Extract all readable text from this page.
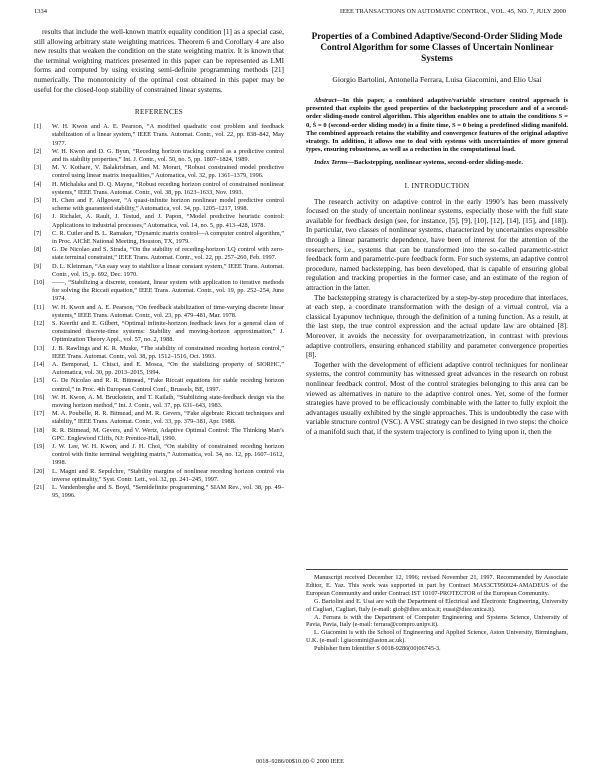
1334	IEEE TRANSACTIONS ON AUTOMATIC CONTROL, VOL. 45, NO. 7, JULY 2000

results that include the well-known matrix equality condition [1] as a special case, still allowing arbitrary state weighting matrices. Theorem 6 and Corollary 4 are also new results that weaken the condition on the state weighting matrix. It is known that the terminal weighting matrices presented in this paper can be represented as LMI forms and computed by using existing semi-definite programming methods [21] numerically. The monotonicity of the optimal cost obtained in this paper may be useful for the closed-loop stability of constrained linear systems.

REFERENCES
[1]	W. H. Kwon and A. E. Pearson, “A modified quadratic cost problem and feedback stabilization of a linear system,” IEEE Trans. Automat. Contr., vol. 22, pp. 838–842, May 1977.
[2]	W. H. Kwon and D. G. Byun, “Receding horizon tracking control as a predictive control and its stability properties,” Int. J. Contr., vol. 50, no. 5, pp. 1807–1824, 1989.
[3]	M. V. Kothare, V. Balakrishnan, and M. Morari, “Robust constrained model predictive control using linear matrix inequalities,” Automatica, vol. 32, pp. 1361–1379, 1996.
[4]	H. Michalska and D. Q. Mayne, “Robust receding horizon control of constrained nonlinear systems,” IEEE Trans. Automat. Contr., vol. 38, pp. 1623–1633, Nov. 1993.
[5]	H. Chen and F. Allgower, “A quasi-infinite horizon nonlinear model predictive control scheme with guaranteed stability,” Automatica, vol. 34, pp. 1205–1217, 1998.
[6]	J. Richalet, A. Rault, J. Testud, and J. Papon, “Model predictive heuristic control: Applications to industrial processes,” Automatica, vol. 14, no. 5, pp. 413–428, 1978.
[7]	C. R. Cutler and B. L. Ramaker, “Dynamic matrix control—A computer control algorithm,” in Proc. AIChE National Meeting, Houston, TX, 1979.
[8]	G. De Nicolao and S. Strada, “On the stability of receding-horizon LQ control with zero-state terminal constraint,” IEEE Trans. Automat. Contr., vol. 22, pp. 257–260, Feb. 1997.
[9]	D. L. Kleinman, “An easy way to stabilize a linear constant system,” IEEE Trans. Automat. Contr., vol. 15, p. 692, Dec. 1970.
[10]	——, “Stabilizing a discrete, constant, linear system with application to iterative methods for solving the Riccati equation,” IEEE Trans. Automat. Contr., vol. 19, pp. 252–254, June 1974.
[11]	W. H. Kwon and A. E. Pearson, “On feedback stabilization of time-varying discrete linear systems,” IEEE Trans. Automat. Contr., vol. 23, pp. 479–481, Mar. 1978.
[12]	S. Keerthi and E. Gilbert, “Optimal infinite-horizon feedback laws for a general class of constrained discrete-time systems: Stability and moving-horizon approximation,” J. Optimization Theory Appl., vol. 57, no. 2, 1988.
[13]	J. B. Rawlings and K. R. Muske, “The stability of constrained receding horizon control,” IEEE Trans. Automat. Contr., vol. 38, pp. 1512–1516, Oct. 1993.
[14]	A. Bemporad, L. Chisci, and E. Mosca, “On the stabilizing property of SIORHC,” Automatica, vol. 30, pp. 2013–2015, 1994.
[15]	G. De Nicolao and R. R. Bitmead, “Fake Riccati equations for stable receding horizon control,” in Proc. 4th European Control Conf., Brussels, BE, 1997.
[16]	W. H. Kwon, A. M. Bruckstein, and T. Kailath, “Stabilizing state-feedback design via the moving horizon method,” Int. J. Contr., vol. 37, pp. 631–643, 1983.
[17]	M. A. Poubelle, R. R. Bitmead, and M. R. Gevers, “Fake algebraic Riccati techniques and stability,” IEEE Trans. Automat. Contr., vol. 33, pp. 379–381, Apr. 1988.
[18]	R. R. Bitmead, M. Gevers, and V. Wertz, Adaptive Optimal Control: The Thinking Man’s GPC. Englewood Cliffs, NJ: Prentice-Hall, 1990.
[19]	J. W. Lee, W. H. Kwon, and J. H. Choi, “On stability of constrained receding horizon control with finite terminal weighting matrix,” Automatica, vol. 34, no. 12, pp. 1607–1612, 1998.
[20]	L. Magni and R. Sepulchre, “Stability margins of nonlinear receding horizon control via inverse optimality,” Syst. Contr. Lett., vol. 32, pp. 241–245, 1997.
[21]	L. Vandenberghe and S. Boyd, “Semidefinite programming,” SIAM Rev., vol. 38, pp. 49–95, 1996.
Properties of a Combined Adaptive/Second-Order Sliding Mode Control Algorithm for some Classes of Uncertain Nonlinear Systems
Giorgio Bartolini, Antonella Ferrara, Luisa Giacomini, and Elio Usai

Abstract—In this paper, a combined adaptive/variable structure control approach is presented that exploits the good properties of the backstepping procedure and of a second-order sliding-mode control algorithm. This algorithm enables one to attain the conditions S = 0, Ṡ = 0 (second-order sliding mode) in a finite time, S = 0 being a predefined sliding manifold. The combined approach retains the stability and convergence features of the original adaptive strategy. In addition, it allows one to deal with systems with uncertainties of more general types, ensuring robustness, as well as a reduction in the computational load.

Index Terms—Backstepping, nonlinear systems, second-order sliding-mode.

I. INTRODUCTION

The research activity on adaptive control in the early 1990’s has been massively focused on the study of uncertain nonlinear systems, especially those with the full state available for feedback design (see, for instance, [5], [9], [10], [12], [14], [15], and [18]). In particular, two classes of nonlinear systems, characterized by uncertainties expressible through a linear parametric dependence, have been of interest for the attention of the researchers, i.e., systems that can be transformed into the so-called parametric-strict feedback form and parametric-pure feedback form. For such systems, an adaptive control procedure, named backstepping, has been developed, that is capable of ensuring global regulation and tracking properties in the former case, and an estimate of the region of attraction in the latter.

The backstepping strategy is characterized by a step-by-step procedure that interlaces, at each step, a coordinate transformation with the design of a virtual control, via a classical Lyapunov technique, through the definition of a tuning function. As a result, at the last step, the true control expression and the actual update law are obtained [8]. Moreover, it avoids the necessity for overparametrization, in contrast with previous adaptive controllers, ensuring enhanced stability and parameter convergence properties [8].

Together with the development of efficient adaptive control techniques for nonlinear systems, the control community has witnessed great advances in the research on robust nonlinear feedback control. Most of the control strategies belonging to this area can be viewed as alternatives in nature to the adaptive control ones. Yet, some of the former strategies have proved to be efficaciously combinable with the latter to fully exploit the advantages usually exhibited by the single approaches. This is undoubtedly the case with variable structure control (VSC). A VSC strategy can be designed in two steps: the choice of a manifold such that, if the system trajectory is confined to lying upon it, then the

Manuscript received December 12, 1996; revised November 21, 1997. Recommended by Associate Editor, E. Yaz. This work was supported in part by Contract MAS3CT950024-AMADEUS of the European Community and under Contract IST 10107-PROTECTOR of the European Community.

G. Bartolini and E. Usai are with the Department of Electrical and Electronic Engineering, University of Cagliari, Cagliari, Italy (e-mail: giob@diee.unica.it; eusai@diee.unica.it).

A. Ferrara is with the Department of Computer Engineering and Systems Science, University of Pavia, Pavia, Italy (e-mail: ferrara@compro.unipv.it).

L. Giacomini is with the School of Engineering and Applied Science, Aston University, Birmingham, U.K. (e-mail: l.giacomini@aston.ac.uk).

Publisher Item Identifier S 0018-9286(00)06745-3.

0018–9286/00$10.00 © 2000 IEEE
